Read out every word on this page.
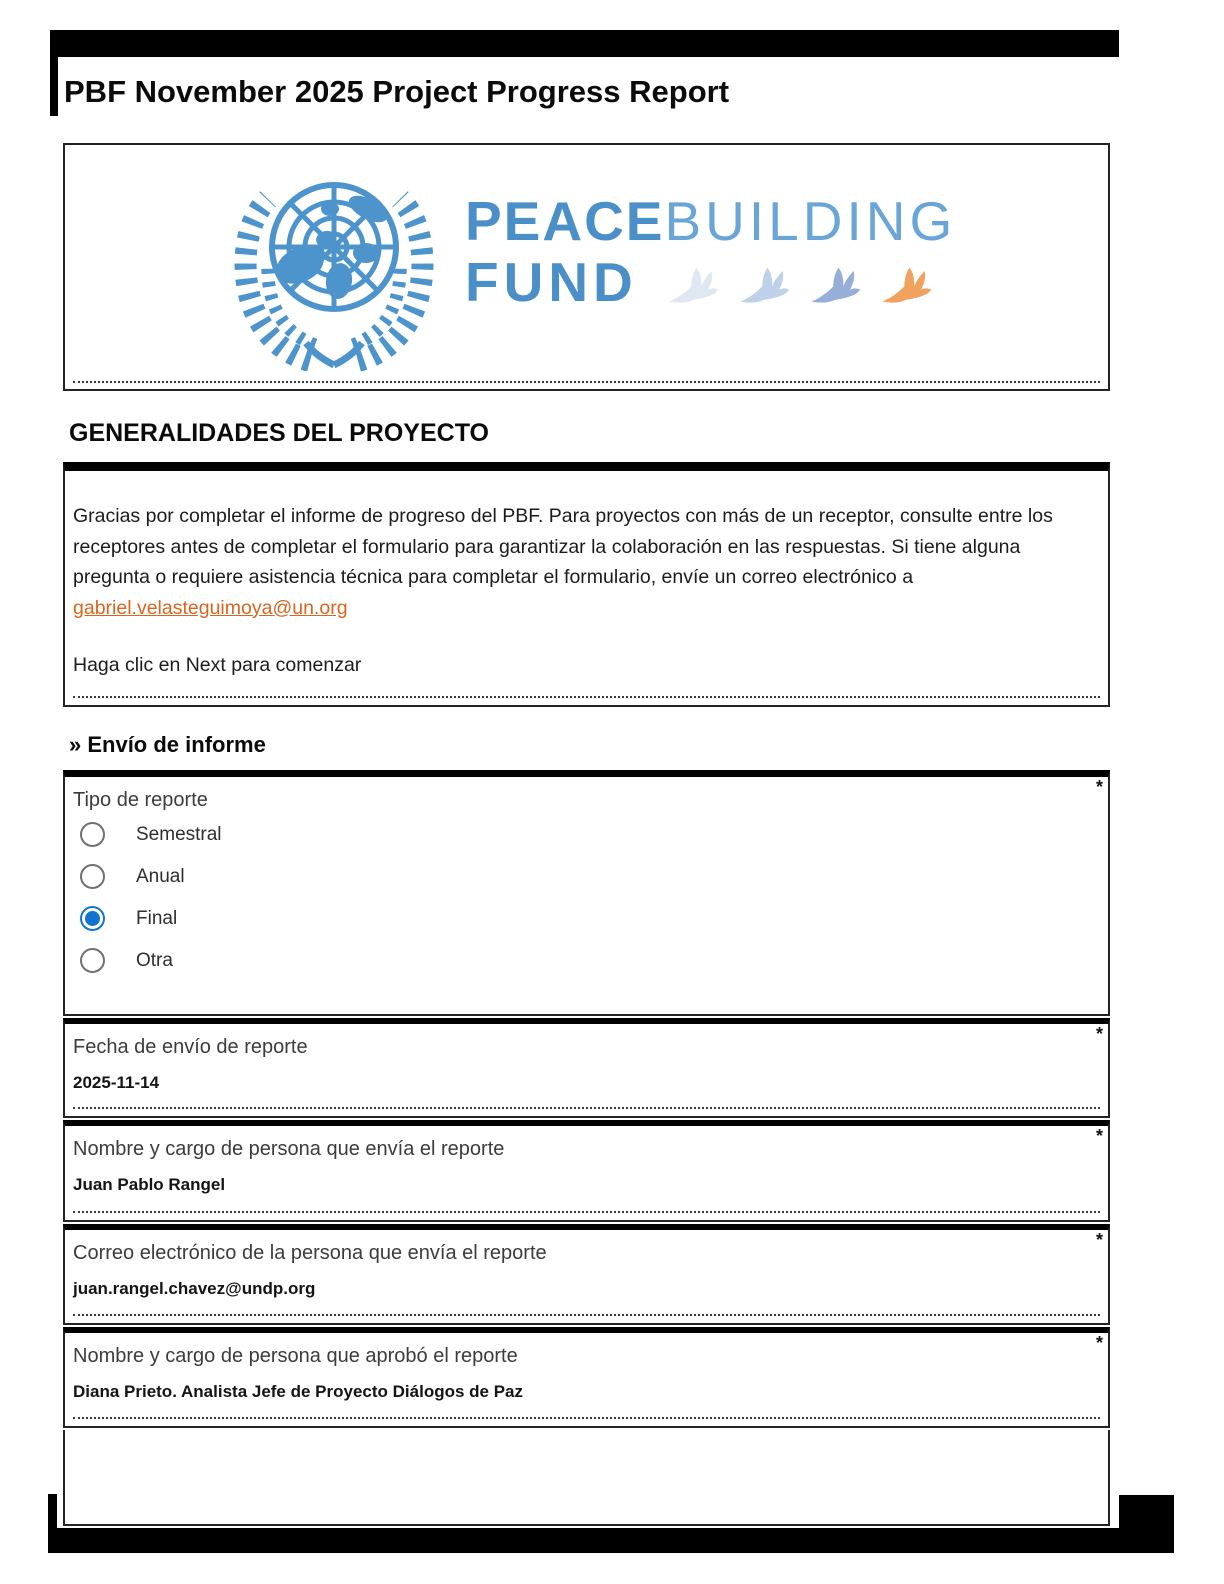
PBF November 2025 Project Progress Report
PEACEBUILDING
FUND
GENERALIDADES DEL PROYECTO

Gracias por completar el informe de progreso del PBF. Para proyectos con más de un receptor, consulte entre los receptores antes de completar el formulario para garantizar la colaboración en las respuestas. Si tiene alguna pregunta o requiere asistencia técnica para completar el formulario, envíe un correo electrónico a gabriel.velasteguimoya@un.org

Haga clic en Next para comenzar

» Envío de informe
*
Tipo de reporte
Semestral
Anual
Final
Otra
*
Fecha de envío de reporte
2025-11-14
*
Nombre y cargo de persona que envía el reporte
Juan Pablo Rangel
*
Correo electrónico de la persona que envía el reporte
juan.rangel.chavez@undp.org
*
Nombre y cargo de persona que aprobó el reporte
Diana Prieto. Analista Jefe de Proyecto Diálogos de Paz
